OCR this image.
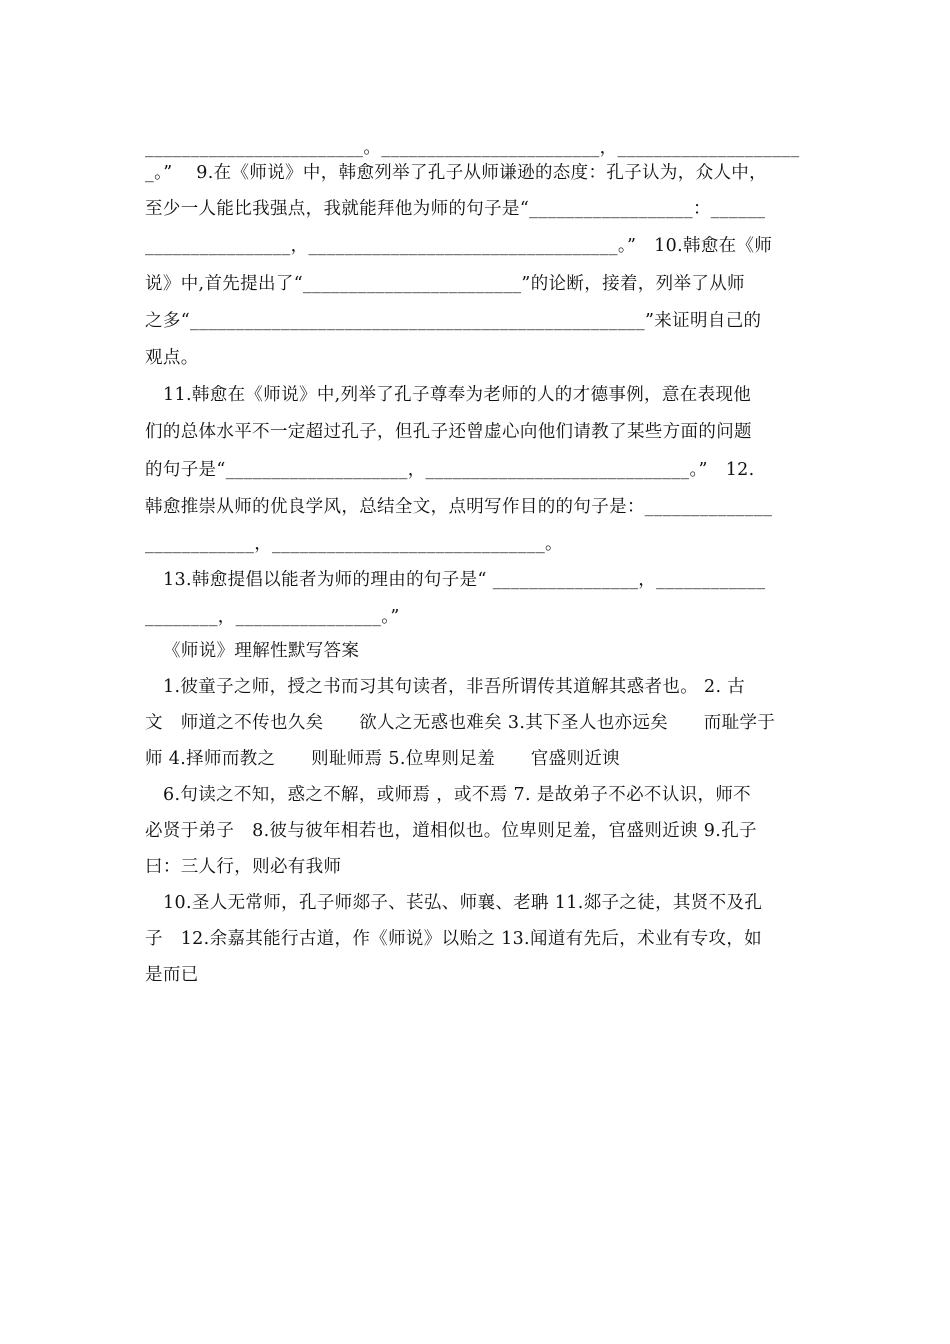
________________________。________________________，____________________
_。”　 9.在《师说》中，韩愈列举了孔子从师谦逊的态度：孔子认为，众人中，
至少一人能比我强点，我就能拜他为师的句子是“__________________：______
________________，__________________________________。”　10.韩愈在《师
说》中,首先提出了“________________________”的论断，接着，列举了从师
之多“__________________________________________________”来证明自己的
观点。
11.韩愈在《师说》中,列举了孔子尊奉为老师的人的才德事例，意在表现他
们的总体水平不一定超过孔子，但孔子还曾虚心向他们请教了某些方面的问题
的句子是“____________________，_____________________________。”　12.
韩愈推崇从师的优良学风，总结全文，点明写作目的的句子是：______________
____________，______________________________。
13.韩愈提倡以能者为师的理由的句子是“ ________________，____________
________，________________。”
《师说》理解性默写答案
1.彼童子之师，授之书而习其句读者，非吾所谓传其道解其惑者也。 2. 古
文　师道之不传也久矣　　欲人之无惑也难矣 3.其下圣人也亦远矣　　而耻学于
师 4.择师而教之　　则耻师焉 5.位卑则足羞　　官盛则近谀
6.句读之不知，惑之不解，或师焉 ，或不焉 7. 是故弟子不必不认识，师不
必贤于弟子　8.彼与彼年相若也，道相似也。位卑则足羞，官盛则近谀 9.孔子
曰：三人行，则必有我师
10.圣人无常师，孔子师郯子、苌弘、师襄、老聃 11.郯子之徒，其贤不及孔
子　12.余嘉其能行古道，作《师说》以贻之 13.闻道有先后，术业有专攻，如
是而已
